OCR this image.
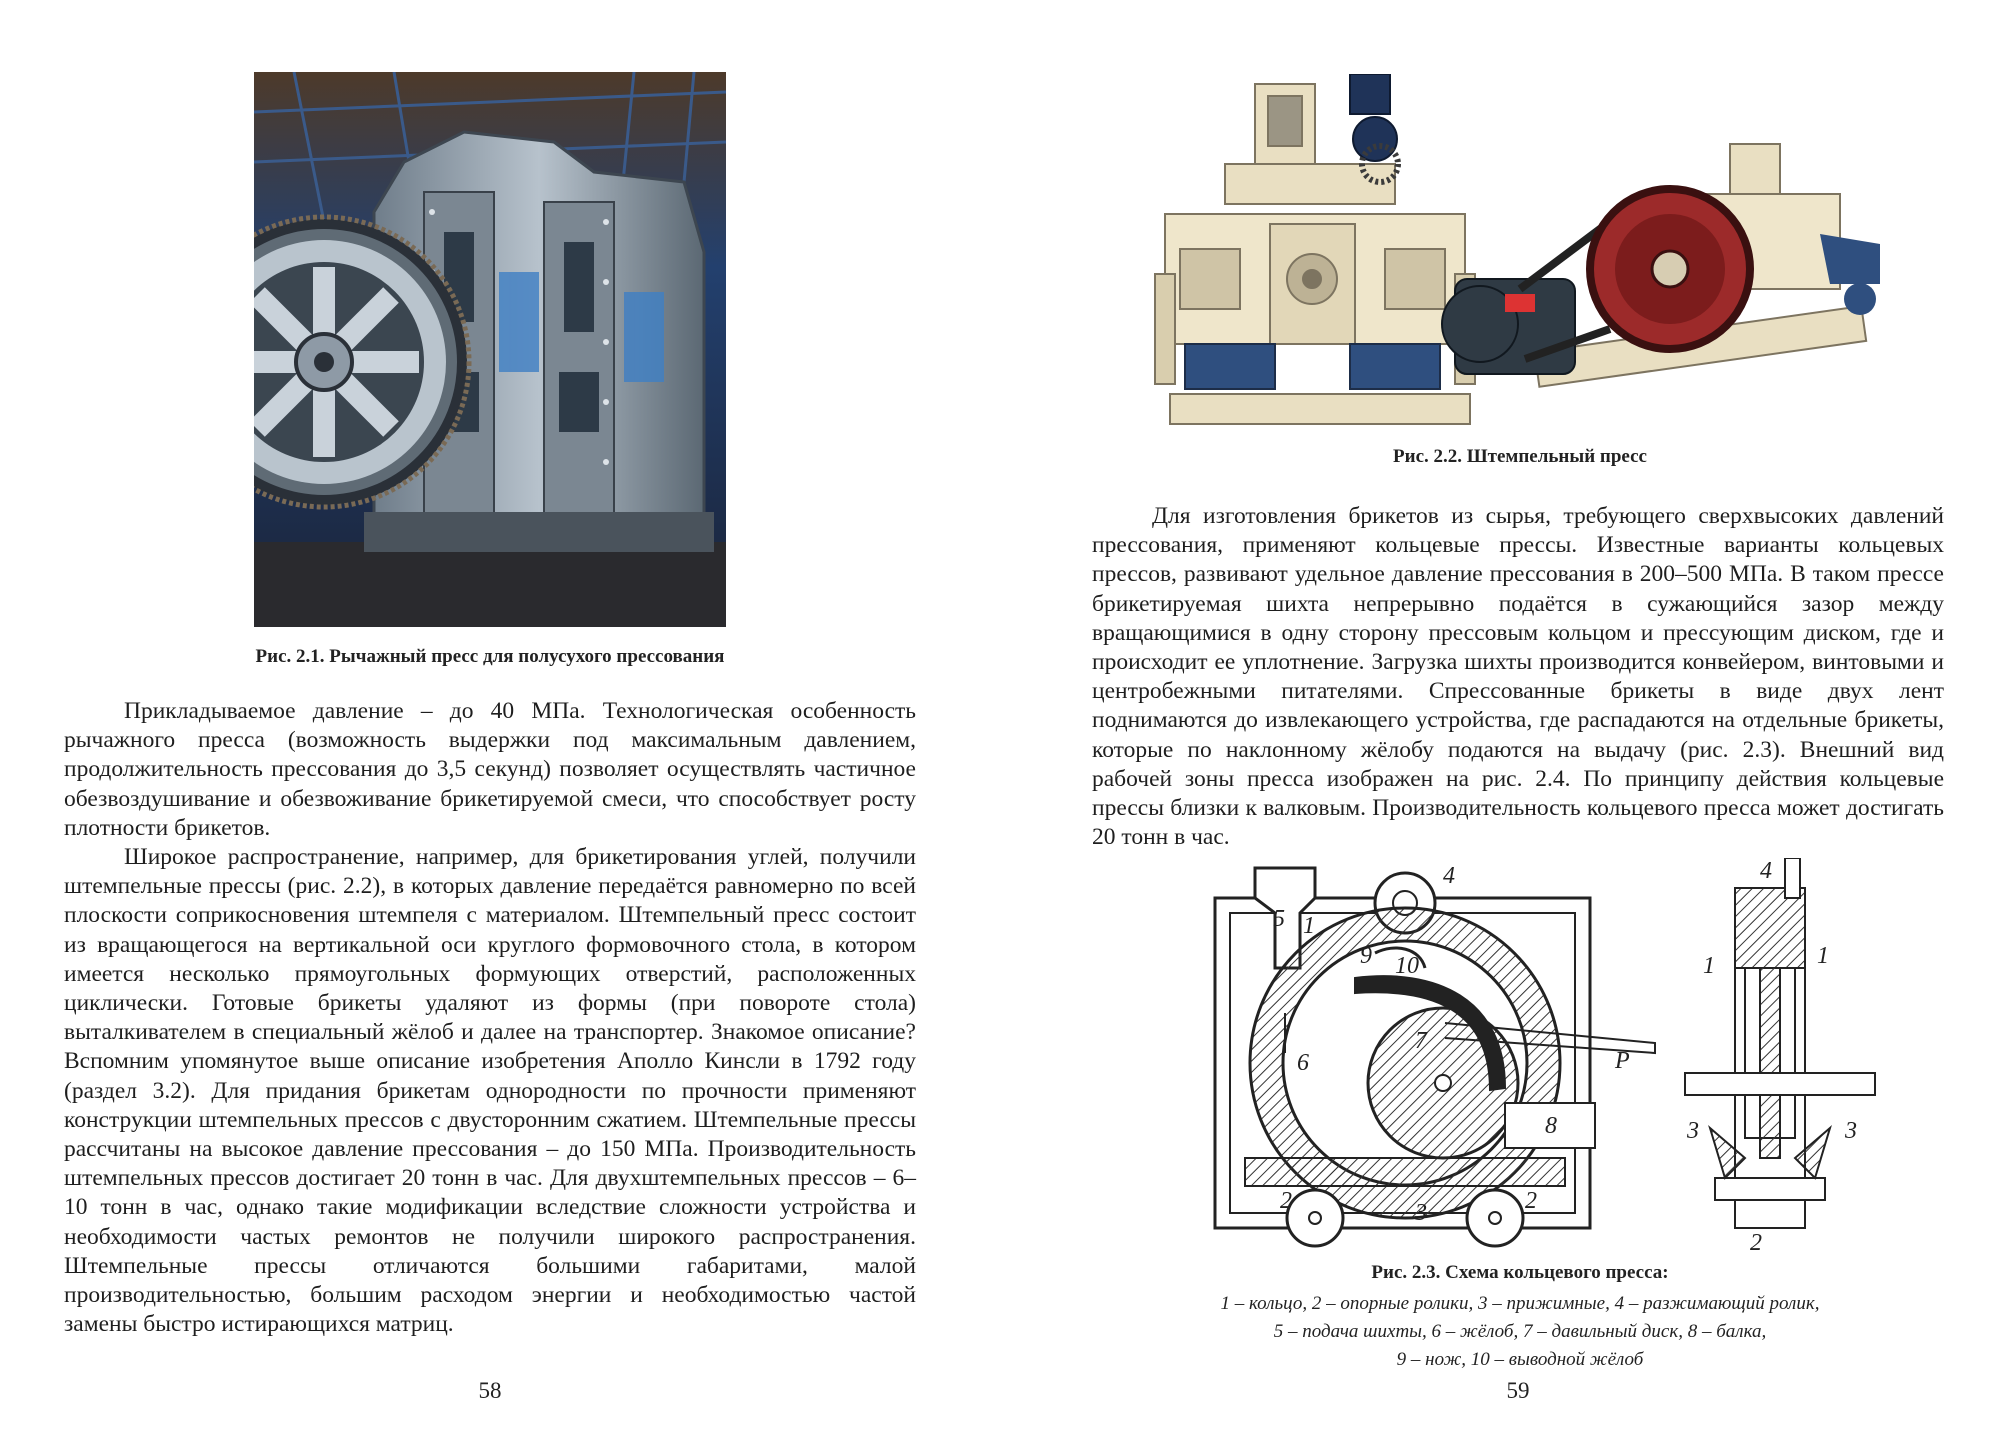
Рис. 2.1. Рычажный пресс для полусухого прессования

Прикладываемое давление – до 40 МПа. Технологическая особенность рычажного пресса (возможность выдержки под максимальным давлением, продолжительность прессования до 3,5 секунд) позволяет осуществлять частичное обезвоздушивание и обезвоживание брикетируемой смеси, что способствует росту плотности брикетов.

Широкое распространение, например, для брикетирования углей, получили штемпельные прессы (рис. 2.2), в которых давление передаётся равномерно по всей плоскости соприкосновения штемпеля с материалом. Штемпельный пресс состоит из вращающегося на вертикальной оси круглого формовочного стола, в котором имеется несколько прямоугольных формующих отверстий, расположенных циклически. Готовые брикеты удаляют из формы (при повороте стола) выталкивателем в специальный жёлоб и далее на транспортер. Знакомое описание? Вспомним упомянутое выше описание изобретения Аполло Кинсли в 1792 году (раздел 3.2). Для придания брикетам однородности по прочности применяют конструкции штемпельных прессов с двусторонним сжатием. Штемпельные прессы рассчитаны на высокое давление прессования – до 150 МПа. Производительность штемпельных прессов достигает 20 тонн в час. Для двухштемпельных прессов – 6–10 тонн в час, однако такие модификации вследствие сложности устройства и необходимости частых ремонтов не получили широкого распространения. Штемпельные прессы отличаются большими габаритами, малой производительностью, большим расходом энергии и необходимостью частой замены быстро истирающихся матриц.

58
Рис. 2.2. Штемпельный пресс

Для изготовления брикетов из сырья, требующего сверхвысоких давлений прессования, применяют кольцевые прессы. Известные варианты кольцевых прессов, развивают удельное давление прессования в 200–500 МПа. В таком прессе брикетируемая шихта непрерывно подаётся в сужающийся зазор между вращающимися в одну сторону прессовым кольцом и прессующим диском, где и происходит ее уплотнение. Загрузка шихты производится конвейером, винтовыми и центробежными питателями. Спрессованные брикеты в виде двух лент поднимаются до извлекающего устройства, где распадаются на отдельные брикеты, которые по наклонному жёлобу подаются на выдачу (рис. 2.3). Внешний вид рабочей зоны пресса изображен на рис. 2.4. По принципу действия кольцевые прессы близки к валковым. Производительность кольцевого пресса может достигать 20 тонн в час.

4
5 1
9 10
7
6	P
8
2	3	2
1	1
4
3	3
2
Рис. 2.3. Схема кольцевого пресса:
1 – кольцо, 2 – опорные ролики, 3 – прижимные, 4 – разжимающий ролик,
5 – подача шихты, 6 – жёлоб, 7 – давильный диск, 8 – балка,
9 – нож, 10 – выводной жёлоб
59
